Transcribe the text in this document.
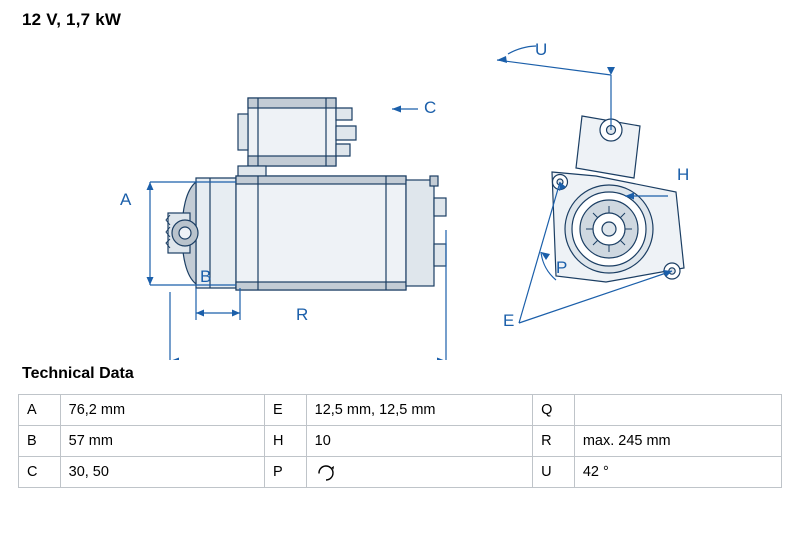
12 V, 1,7 kW
A
B
R
C
U
H
P
E
Technical Data
A	76,2 mm	E	12,5 mm, 12,5 mm	Q	
B	57 mm	H	10	R	max. 245 mm
C	30, 50	P		U	42 °
